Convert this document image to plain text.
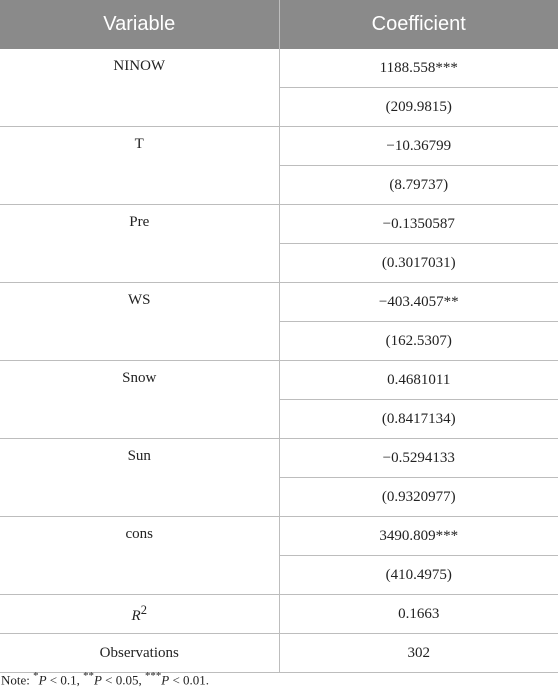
Variable	Coefficient
NINOW	1188.558***
	(209.9815)
T	−10.36799
	(8.79737)
Pre	−0.1350587
	(0.3017031)
WS	−403.4057**
	(162.5307)
Snow	0.4681011
	(0.8417134)
Sun	−0.5294133
	(0.9320977)
cons	3490.809***
	(410.4975)
$R^2$	0.1663
Observations	302
Note: *P < 0.1, **P < 0.05, ***P < 0.01.
